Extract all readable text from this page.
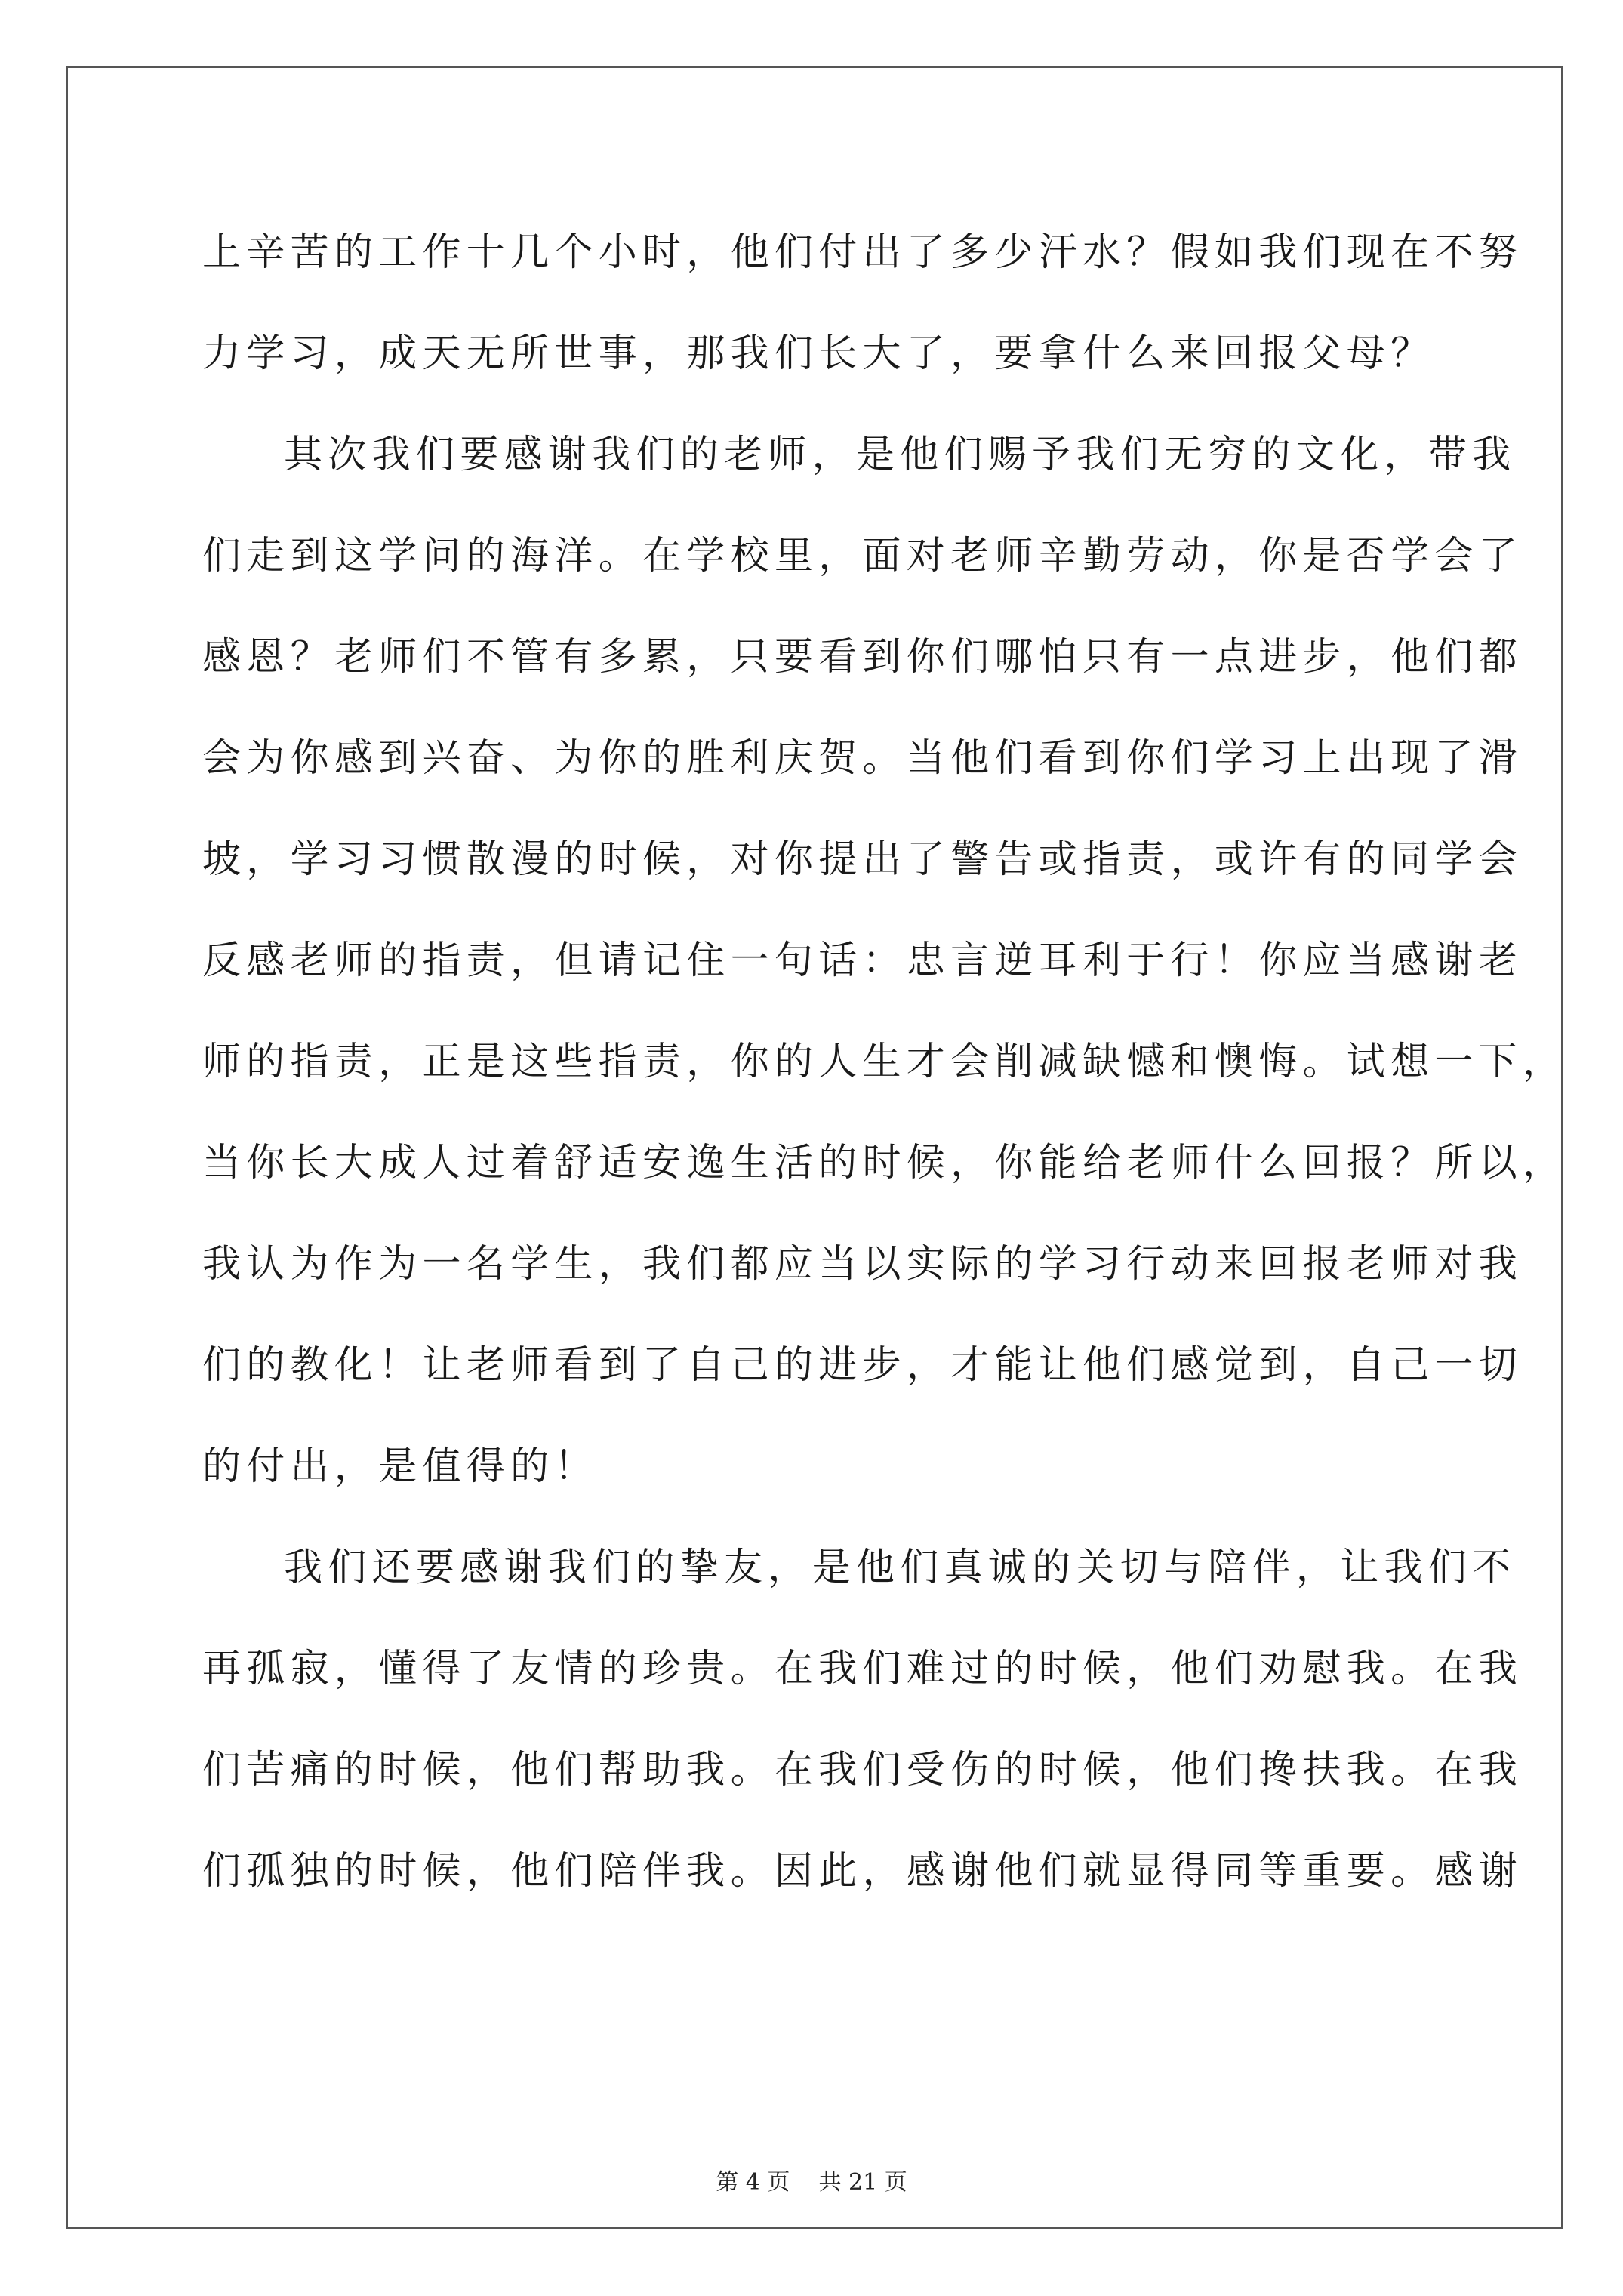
上辛苦的工作十几个小时，他们付出了多少汗水？假如我们现在不努
力学习，成天无所世事，那我们长大了，要拿什么来回报父母？
其次我们要感谢我们的老师，是他们赐予我们无穷的文化，带我
们走到这学问的海洋。在学校里，面对老师辛勤劳动，你是否学会了
感恩？老师们不管有多累，只要看到你们哪怕只有一点进步，他们都
会为你感到兴奋、为你的胜利庆贺。当他们看到你们学习上出现了滑
坡，学习习惯散漫的时候，对你提出了警告或指责，或许有的同学会
反感老师的指责，但请记住一句话：忠言逆耳利于行！你应当感谢老
师的指责，正是这些指责，你的人生才会削减缺憾和懊悔。试想一下，
当你长大成人过着舒适安逸生活的时候，你能给老师什么回报？所以，
我认为作为一名学生，我们都应当以实际的学习行动来回报老师对我
们的教化！让老师看到了自己的进步，才能让他们感觉到，自己一切
的付出，是值得的！
我们还要感谢我们的挚友，是他们真诚的关切与陪伴，让我们不
再孤寂，懂得了友情的珍贵。在我们难过的时候，他们劝慰我。在我
们苦痛的时候，他们帮助我。在我们受伤的时候，他们搀扶我。在我
们孤独的时候，他们陪伴我。因此，感谢他们就显得同等重要。感谢
第 4 页    共 21 页
